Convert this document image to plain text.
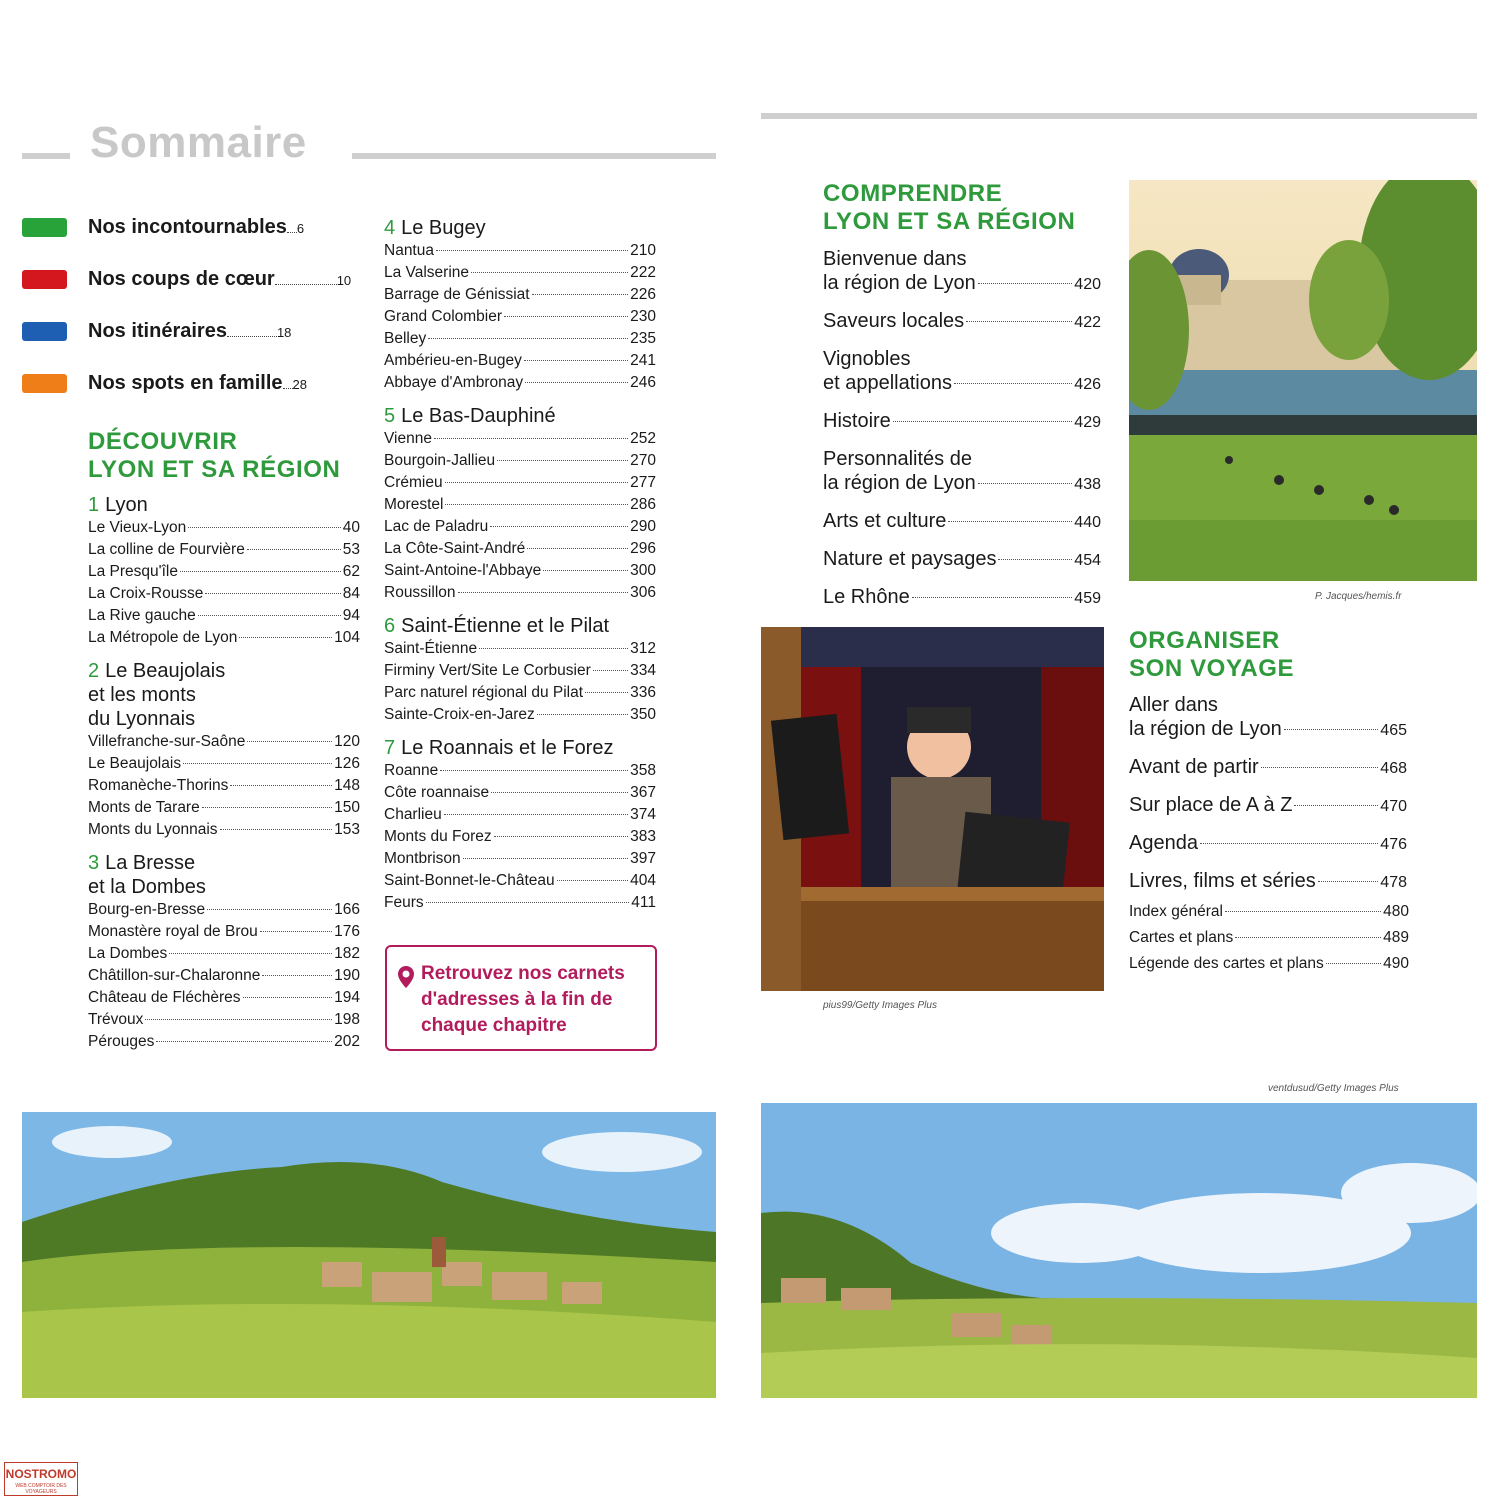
Sommaire
Nos incontournables 6
Nos coups de cœur	10
Nos itinéraires	18
Nos spots en famille 28
DÉCOUVRIR
LYON ET SA RÉGION
1 Lyon
Le Vieux-Lyon	40
La colline de Fourvière	53
La Presqu'île	62
La Croix-Rousse	84
La Rive gauche	94
La Métropole de Lyon	104
2 Le Beaujolais
et les monts
du Lyonnais
Villefranche-sur-Saône	120
Le Beaujolais	126
Romanèche-Thorins	148
Monts de Tarare	150
Monts du Lyonnais	153
3 La Bresse
et la Dombes
Bourg-en-Bresse	166
Monastère royal de Brou	176
La Dombes	182
Châtillon-sur-Chalaronne	190
Château de Fléchères	194
Trévoux	198
Pérouges	202
4 Le Bugey
Nantua	210
La Valserine	222
Barrage de Génissiat	226
Grand Colombier	230
Belley	235
Ambérieu-en-Bugey	241
Abbaye d'Ambronay	246
5 Le Bas-Dauphiné
Vienne	252
Bourgoin-Jallieu	270
Crémieu	277
Morestel	286
Lac de Paladru	290
La Côte-Saint-André	296
Saint-Antoine-l'Abbaye	300
Roussillon	306
6 Saint-Étienne et le Pilat
Saint-Étienne	312
Firminy Vert/Site Le Corbusier	334
Parc naturel régional du Pilat	336
Sainte-Croix-en-Jarez	350
7 Le Roannais et le Forez
Roanne	358
Côte roannaise	367
Charlieu	374
Monts du Forez	383
Montbrison	397
Saint-Bonnet-le-Château	404
Feurs	411
Retrouvez nos carnets d'adresses à la fin de chaque chapitre
COMPRENDRE
LYON ET SA RÉGION
Bienvenue dans
la région de Lyon	420
Saveurs locales	422
Vignobles
et appellations	426
Histoire	429
Personnalités de
la région de Lyon	438
Arts et culture	440
Nature et paysages	454
Le Rhône	459	P. Jacques/hemis.fr
pius99/Getty Images Plus
ORGANISER
SON VOYAGE
Aller dans
la région de Lyon	465
Avant de partir	468
Sur place de A à Z	470
Agenda	476
Livres, films et séries	478
Index général	480
Cartes et plans	489
Légende des cartes et plans	490
ventdusud/Getty Images Plus
NOSTROMO
WEB COMPTOIR DES VOYAGEURS
